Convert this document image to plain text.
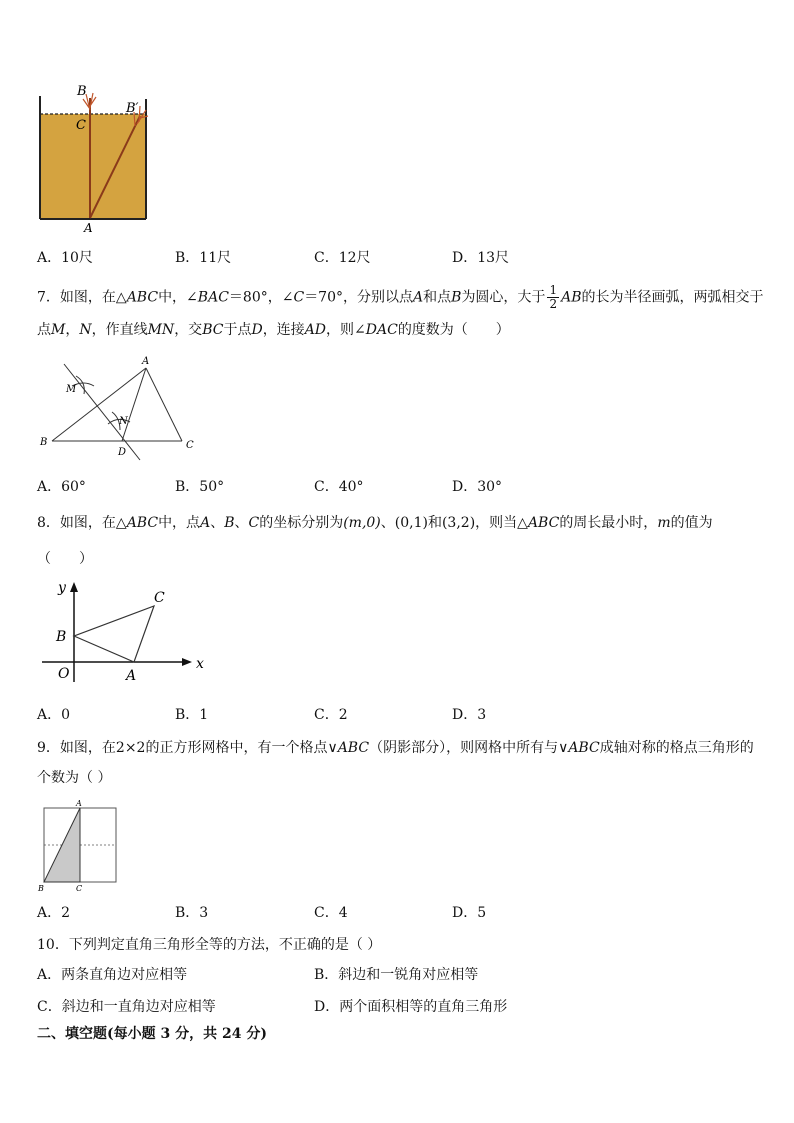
B
B′
C
A
A．10尺	B．11尺	C．12尺	D．13尺
7．如图，在△ABC中，∠BAC＝80°，∠C＝70°，分别以点A和点B为圆心，大于 $\frac{1}{2}$ AB的长为半径画弧，两弧相交于
点M，N，作直线MN，交BC于点D，连接AD，则∠DAC的度数为（　　）
A
M
N
B
D
C
A．60°	B．50°	C．40°	D．30°
8．如图，在△ABC中，点A、B、C的坐标分别为(m,0)、(0,1)和(3,2)，则当△ABC的周长最小时，m的值为
（　　）
y
C
B
O	A
x
A．0	B．1	C．2	D．3
9．如图，在2×2的正方形网格中，有一个格点∨ABC（阴影部分），则网格中所有与∨ABC成轴对称的格点三角形的
个数为（ ）
A
B	C
A．2	B．3	C．4	D．5
10．下列判定直角三角形全等的方法，不正确的是（ ）
A．两条直角边对应相等	B．斜边和一锐角对应相等
C．斜边和一直角边对应相等	D．两个面积相等的直角三角形
二、填空题(每小题 3 分，共 24 分)
